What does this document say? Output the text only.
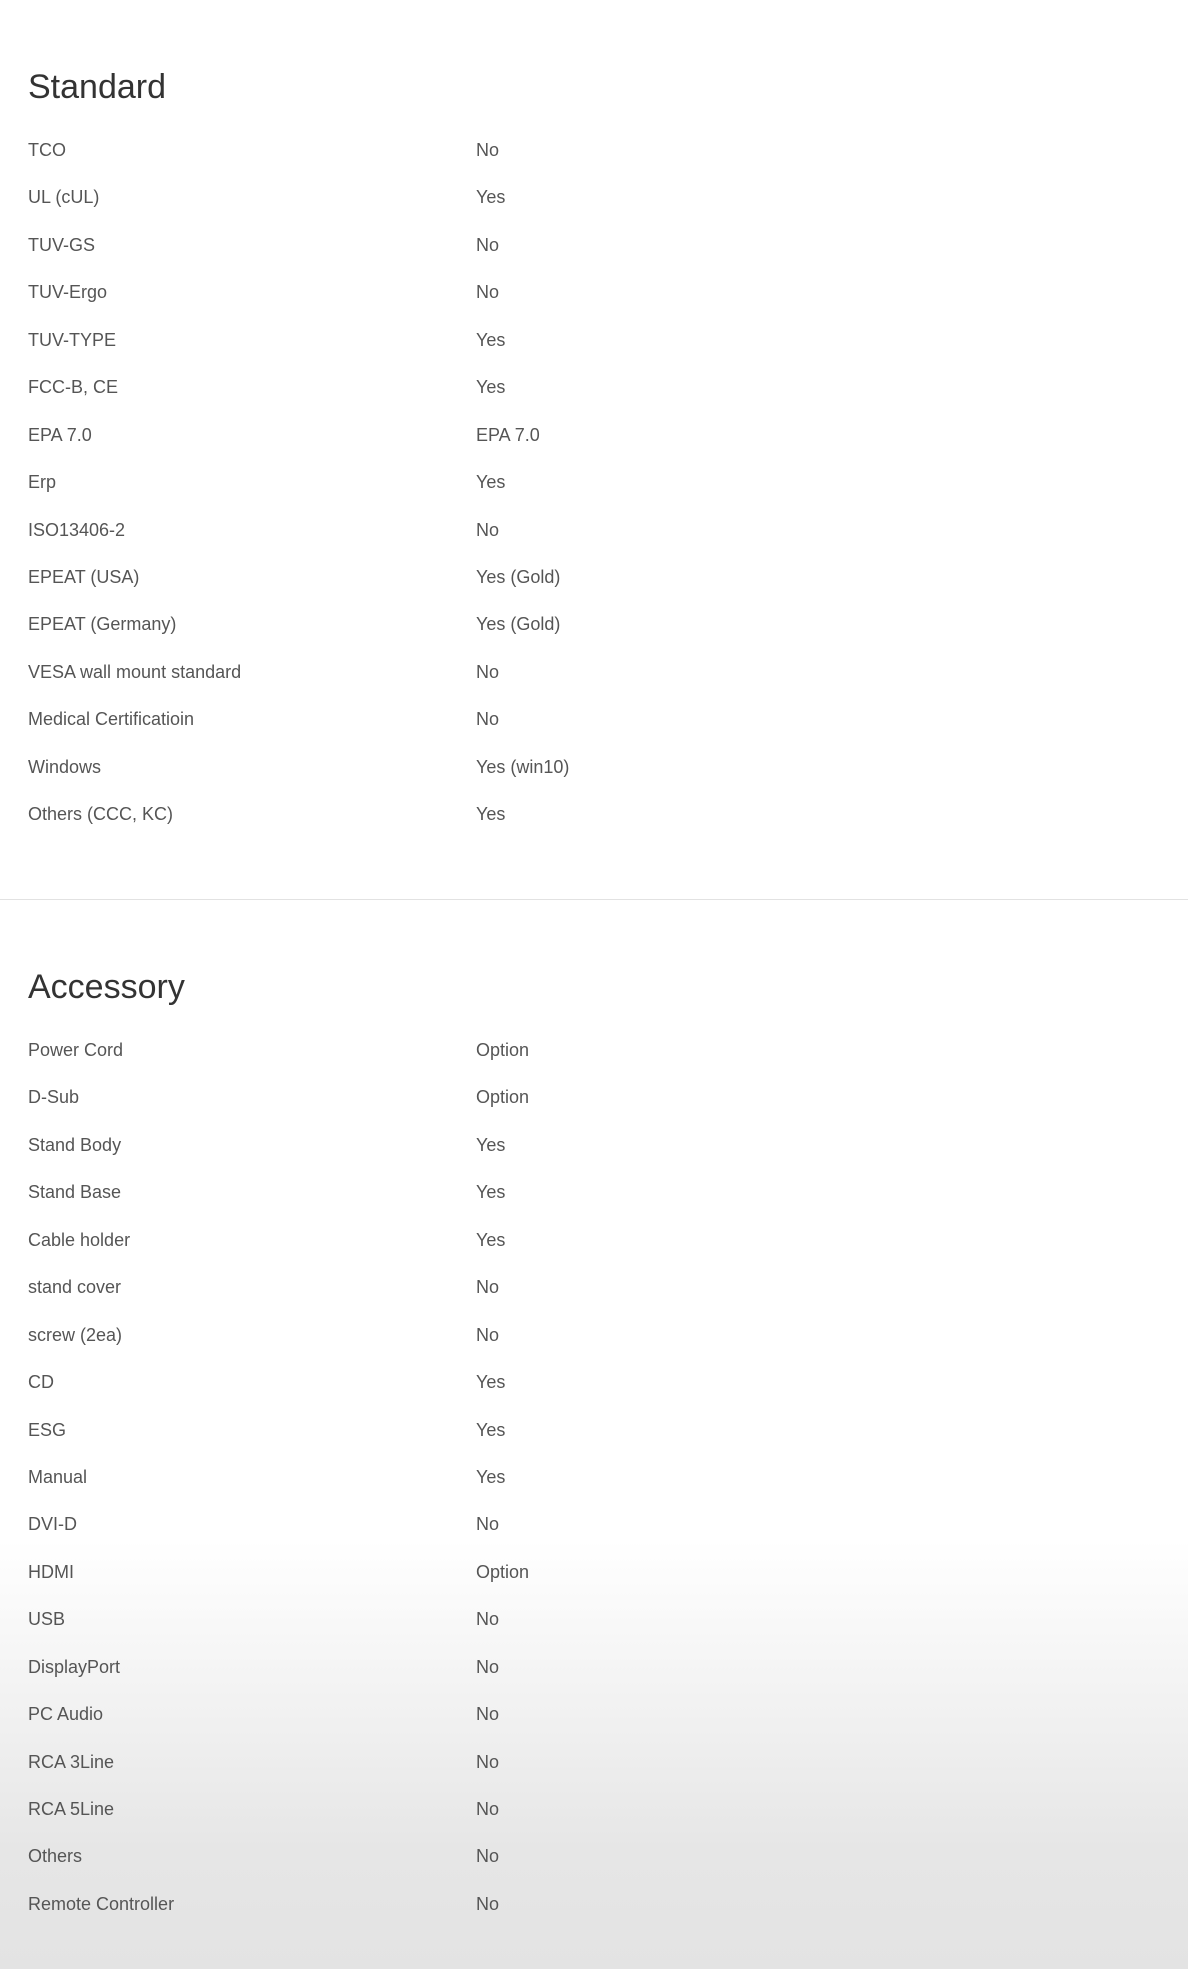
Standard
TCO	No
UL (cUL)	Yes
TUV-GS	No
TUV-Ergo	No
TUV-TYPE	Yes
FCC-B, CE	Yes
EPA 7.0	EPA 7.0
Erp	Yes
ISO13406-2	No
EPEAT (USA)	Yes (Gold)
EPEAT (Germany)	Yes (Gold)
VESA wall mount standard	No
Medical Certificatioin	No
Windows	Yes (win10)
Others (CCC, KC)	Yes
Accessory
Power Cord	Option
D-Sub	Option
Stand Body	Yes
Stand Base	Yes
Cable holder	Yes
stand cover	No
screw (2ea)	No
CD	Yes
ESG	Yes
Manual	Yes
DVI-D	No
HDMI	Option
USB	No
DisplayPort	No
PC Audio	No
RCA 3Line	No
RCA 5Line	No
Others	No
Remote Controller	No
